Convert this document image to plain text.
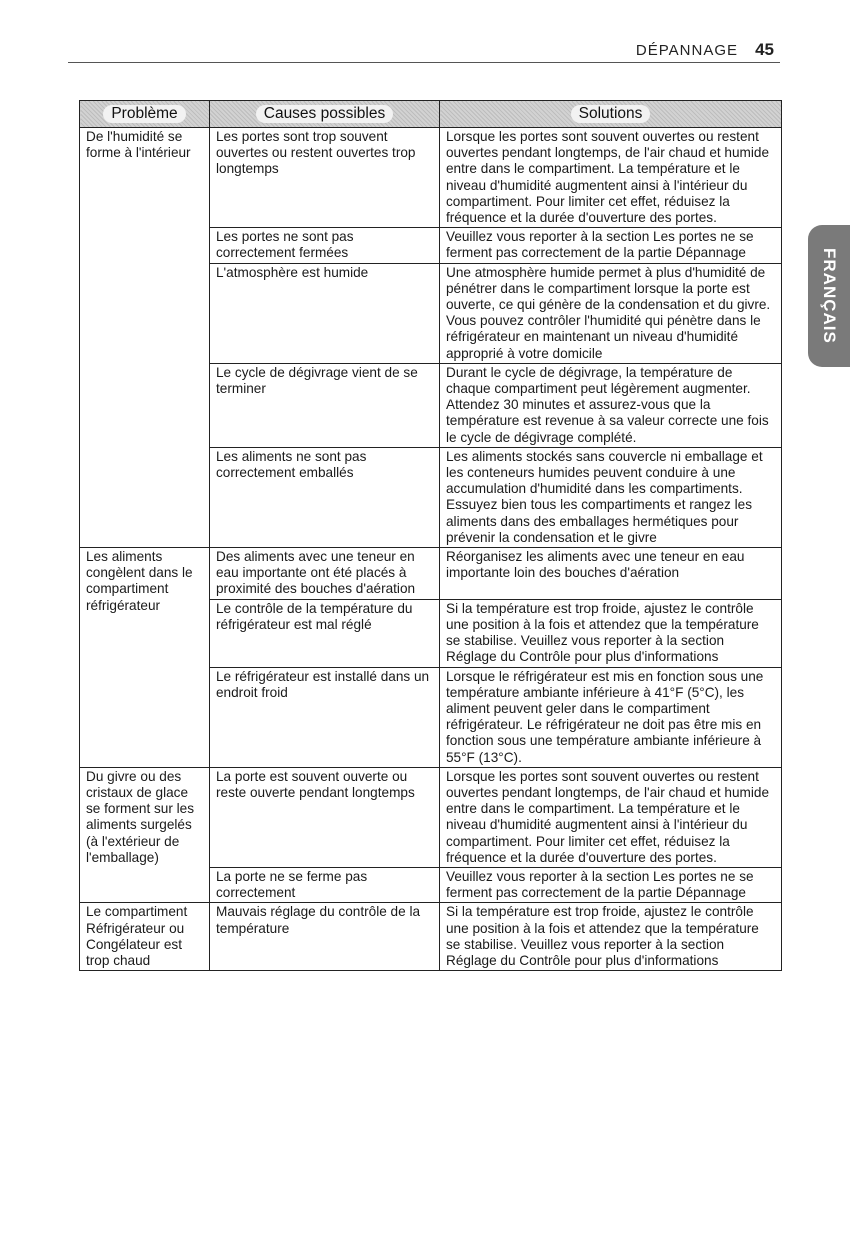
DÉPANNAGE 45
FRANÇAIS
Problème	Causes possibles	Solutions
De l'humidité se forme à l'intérieur	Les portes sont trop souvent ouvertes ou restent ouvertes trop longtemps	Lorsque les portes sont souvent ouvertes ou restent ouvertes pendant longtemps, de l'air chaud et humide entre dans le compartiment. La température et le niveau d'humidité augmentent ainsi à l'intérieur du compartiment. Pour limiter cet effet, réduisez la fréquence et la durée d'ouverture des portes.
	Les portes ne sont pas correctement fermées	Veuillez vous reporter à la section Les portes ne se ferment pas correctement de la partie Dépannage
	L'atmosphère est humide	Une atmosphère humide permet à plus d'humidité de pénétrer dans le compartiment lorsque la porte est ouverte, ce qui génère de la condensation et du givre. Vous pouvez contrôler l'humidité qui pénètre dans le réfrigérateur en maintenant un niveau d'humidité approprié à votre domicile
	Le cycle de dégivrage vient de se terminer	Durant le cycle de dégivrage, la température de chaque compartiment peut légèrement augmenter. Attendez 30 minutes et assurez-vous que la température est revenue à sa valeur correcte une fois le cycle de dégivrage complété.
	Les aliments ne sont pas correctement emballés	Les aliments stockés sans couvercle ni emballage et les conteneurs humides peuvent conduire à une accumulation d'humidité dans les compartiments. Essuyez bien tous les compartiments et rangez les aliments dans des emballages hermétiques pour prévenir la condensation et le givre
Les aliments congèlent dans le compartiment réfrigérateur	Des aliments avec une teneur en eau importante ont été placés à proximité des bouches d'aération	Réorganisez les aliments avec une teneur en eau importante loin des bouches d'aération
	Le contrôle de la température du réfrigérateur est mal réglé	Si la température est trop froide, ajustez le contrôle une position à la fois et attendez que la température se stabilise. Veuillez vous reporter à la section Réglage du Contrôle pour plus d'informations
	Le réfrigérateur est installé dans un endroit froid	Lorsque le réfrigérateur est mis en fonction sous une température ambiante inférieure à 41°F (5°C), les aliment peuvent geler dans le compartiment réfrigérateur. Le réfrigérateur ne doit pas être mis en fonction sous une température ambiante inférieure à 55°F (13°C).
Du givre ou des cristaux de glace se forment sur les aliments surgelés (à l'extérieur de l'emballage)	La porte est souvent ouverte ou reste ouverte pendant longtemps	Lorsque les portes sont souvent ouvertes ou restent ouvertes pendant longtemps, de l'air chaud et humide entre dans le compartiment. La température et le niveau d'humidité augmentent ainsi à l'intérieur du compartiment. Pour limiter cet effet, réduisez la fréquence et la durée d'ouverture des portes.
	La porte ne se ferme pas correctement	Veuillez vous reporter à la section Les portes ne se ferment pas correctement de la partie Dépannage
Le compartiment Réfrigérateur ou Congélateur est trop chaud	Mauvais réglage du contrôle de la température	Si la température est trop froide, ajustez le contrôle une position à la fois et attendez que la température se stabilise. Veuillez vous reporter à la section Réglage du Contrôle pour plus d'informations
